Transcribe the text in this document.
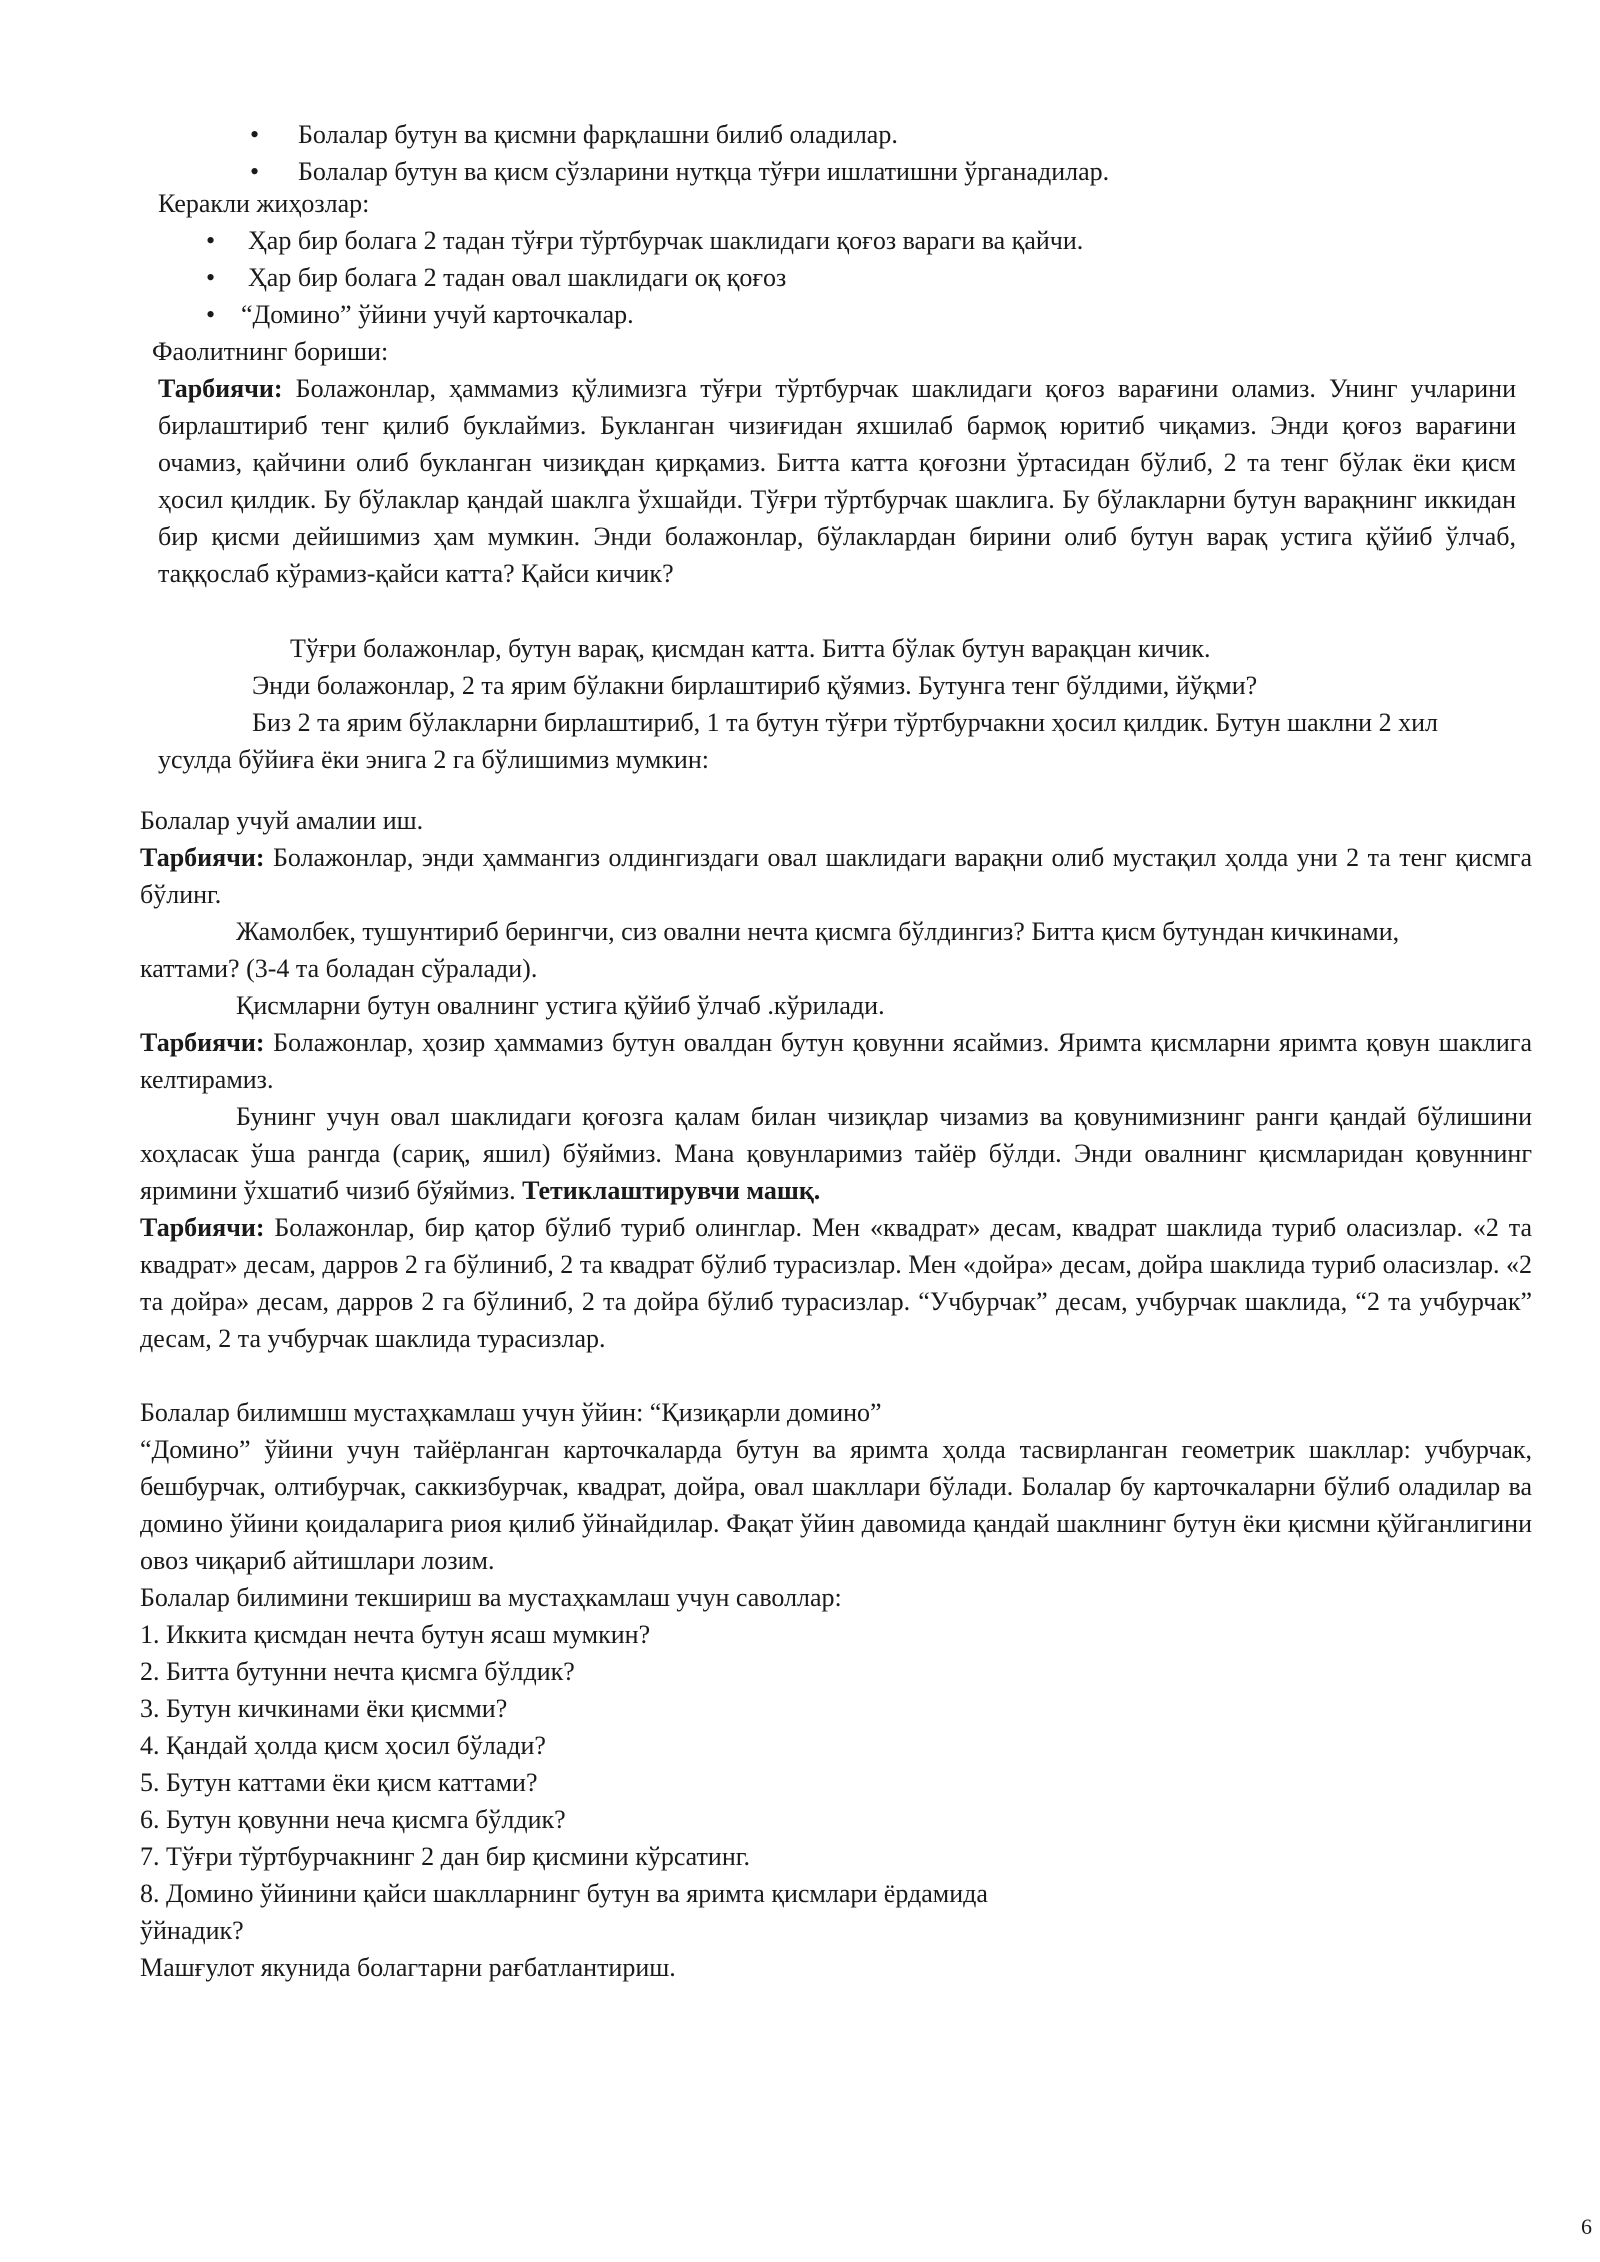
• Болалар бутун ва қисмни фарқлашни билиб оладилар.
• Болалар бутун ва қисм сўзларини нутқца тўғри ишлатишни ўрганадилар.

Керакли жиҳозлар:

• Ҳар бир болага 2 тадан тўғри тўртбурчак шаклидаги қоғоз вараги ва қайчи.
• Ҳар бир болага 2 тадан овал шаклидаги оқ қоғоз
• “Домино” ўйини учуй карточкалар.

Фаолитнинг бориши:

Тарбиячи: Болажонлар, ҳаммамиз қўлимизга тўғри тўртбурчак шаклидаги қоғоз варағини оламиз. Унинг учларини бирлаштириб тенг қилиб буклаймиз. Букланган чизиғидан яхшилаб бармоқ юритиб чиқамиз. Энди қоғоз варағини очамиз, қайчини олиб букланган чизиқдан қирқамиз. Битта катта қоғозни ўртасидан бўлиб, 2 та тенг бўлак ёки қисм ҳосил қилдик. Бу бўлаклар қандай шаклга ўхшайди. Тўғри тўртбурчак шаклига. Бу бўлакларни бутун варақнинг иккидан бир қисми дейишимиз ҳам мумкин. Энди болажонлар, бўлаклардан бирини олиб бутун варақ устига қўйиб ўлчаб, таққослаб кўрамиз-қайси катта? Қайси кичик?

Тўғри болажонлар, бутун варақ, қисмдан катта. Битта бўлак бутун варақцан кичик.

Энди болажонлар, 2 та ярим бўлакни бирлаштириб қўямиз. Бутунга тенг бўлдими, йўқми?

Биз 2 та ярим бўлакларни бирлаштириб, 1 та бутун тўғри тўртбурчакни ҳосил қилдик. Бутун шаклни 2 хил усулда бўйиға ёки энига 2 га бўлишимиз мумкин:

Болалар учуй амалии иш.

Тарбиячи: Болажонлар, энди ҳаммангиз олдингиздаги овал шаклидаги варақни олиб мустақил ҳолда уни 2 та тенг қисмга бўлинг.

Жамолбек, тушунтириб берингчи, сиз овални нечта қисмга бўлдингиз? Битта қисм бутундан кичкинами, каттами? (3-4 та боладан сўралади).

Қисмларни бутун овалнинг устига қўйиб ўлчаб .кўрилади.

Тарбиячи: Болажонлар, ҳозир ҳаммамиз бутун овалдан бутун қовунни ясаймиз. Яримта қисмларни яримта қовун шаклига келтирамиз.

Бунинг учун овал шаклидаги қоғозга қалам билан чизиқлар чизамиз ва қовунимизнинг ранги қандай бўлишини хоҳласак ўша рангда (сариқ, яшил) бўяймиз. Мана қовунларимиз тайёр бўлди. Энди овалнинг қисмларидан қовуннинг яримини ўхшатиб чизиб бўяймиз. Тетиклаштирувчи машқ.

Тарбиячи: Болажонлар, бир қатор бўлиб туриб олинглар. Мен «квадрат» десам, квадрат шаклида туриб оласизлар. «2 та квадрат» десам, дарров 2 га бўлиниб, 2 та квадрат бўлиб турасизлар. Мен «дойра» десам, дойра шаклида туриб оласизлар. «2 та дойра» десам, дарров 2 га бўлиниб, 2 та дойра бўлиб турасизлар. “Учбурчак” десам, учбурчак шаклида, “2 та учбурчак” десам, 2 та учбурчак шаклида турасизлар.

Болалар билимшш мустаҳкамлаш учун ўйин: “Қизиқарли домино”

“Домино” ўйини учун тайёрланган карточкаларда бутун ва яримта ҳолда тасвирланган геометрик шакллар: учбурчак, бешбурчак, олтибурчак, саккизбурчак, квадрат, дойра, овал шакллари бўлади. Болалар бу карточкаларни бўлиб оладилар ва домино ўйини қоидаларига риоя қилиб ўйнайдилар. Фақат ўйин давомида қандай шаклнинг бутун ёки қисмни қўйганлигини овоз чиқариб айтишлари лозим.

Болалар билимини текшириш ва мустаҳкамлаш учун саволлар:

1. Иккита қисмдан нечта бутун ясаш мумкин?
2. Битта бутунни нечта қисмга бўлдик?
3. Бутун кичкинами ёки қисмми?
4. Қандай ҳолда қисм ҳосил бўлади?
5. Бутун каттами ёки қисм каттами?
6. Бутун қовунни неча қисмга бўлдик?
7. Тўғри тўртбурчакнинг 2 дан бир қисмини кўрсатинг.
8. Домино ўйинини қайси шаклларнинг бутун ва яримта қисмлари ёрдамида
ўйнадик?

Машғулот якунида болагтарни рағбатлантириш.

6
